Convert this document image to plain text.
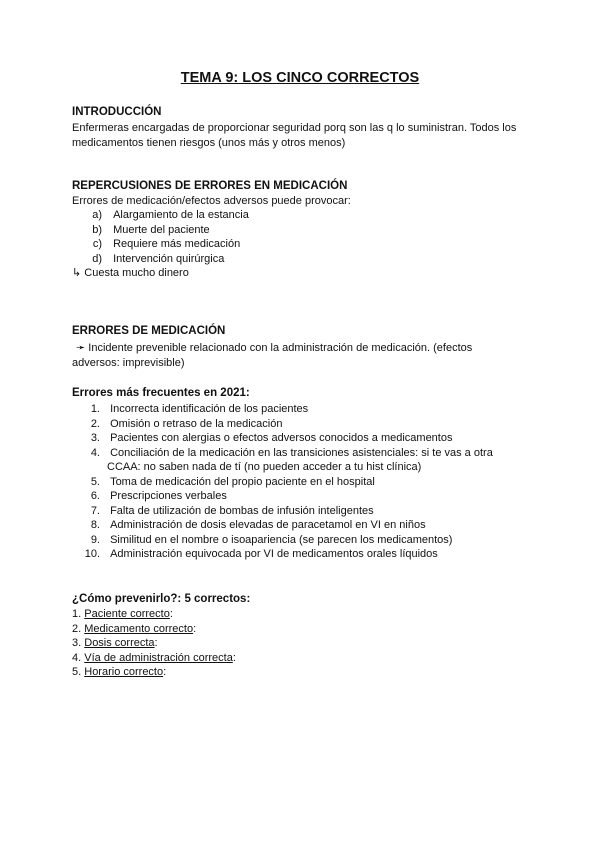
TEMA 9: LOS CINCO CORRECTOS
INTRODUCCIÓN
Enfermeras encargadas de proporcionar seguridad porq son las q lo suministran. Todos los medicamentos tienen riesgos (unos más y otros menos)
REPERCUSIONES DE ERRORES EN MEDICACIÓN
Errores de medicación/efectos adversos puede provocar:
a) Alargamiento de la estancia
b) Muerte del paciente
c) Requiere más medicación
d) Intervención quirúrgica
↳ Cuesta mucho dinero
ERRORES DE MEDICACIÓN
➛ Incidente prevenible relacionado con la administración de medicación. (efectos adversos: imprevisible)
Errores más frecuentes en 2021:
1. Incorrecta identificación de los pacientes
2. Omisión o retraso de la medicación
3. Pacientes con alergias o efectos adversos conocidos a medicamentos
4. Conciliación de la medicación en las transiciones asistenciales: si te vas a otra
CCAA: no saben nada de tí (no pueden acceder a tu hist clínica)
5. Toma de medicación del propio paciente en el hospital
6. Prescripciones verbales
7. Falta de utilización de bombas de infusión inteligentes
8. Administración de dosis elevadas de paracetamol en VI en niños
9. Similitud en el nombre o isoapariencia (se parecen los medicamentos)
10. Administración equivocada por VI de medicamentos orales líquidos
¿Cómo prevenirlo?: 5 correctos:
1. Paciente correcto:
2. Medicamento correcto:
3. Dosis correcta:
4. Vía de administración correcta:
5. Horario correcto:
